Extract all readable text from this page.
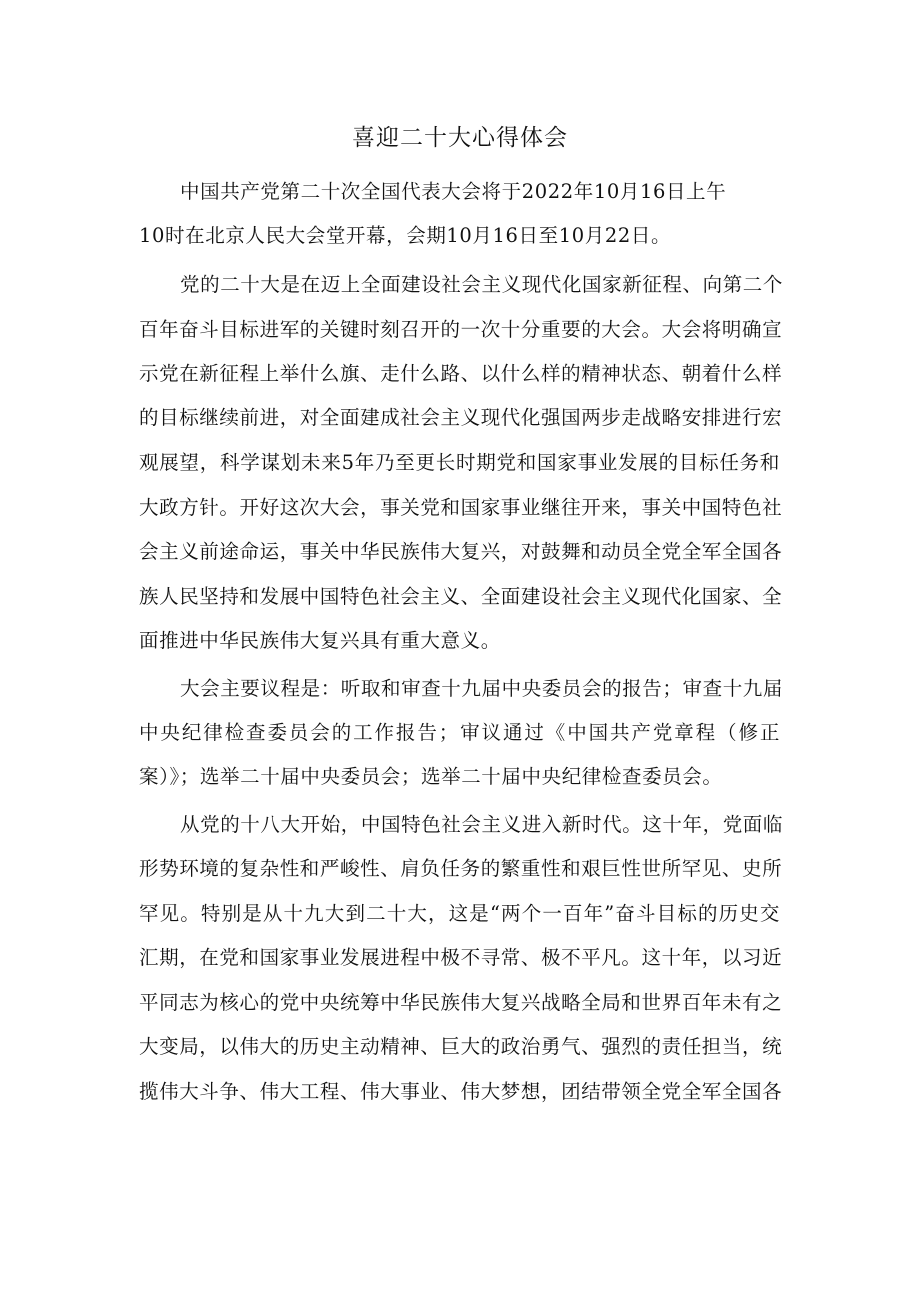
喜迎二十大心得体会
中国共产党第二十次全国代表大会将于2022年10月16日上午
10时在北京人民大会堂开幕，会期10月16日至10月22日。
党的二十大是在迈上全面建设社会主义现代化国家新征程、向第二个
百年奋斗目标进军的关键时刻召开的一次十分重要的大会。大会将明确宣
示党在新征程上举什么旗、走什么路、以什么样的精神状态、朝着什么样
的目标继续前进，对全面建成社会主义现代化强国两步走战略安排进行宏
观展望，科学谋划未来5年乃至更长时期党和国家事业发展的目标任务和
大政方针。开好这次大会，事关党和国家事业继往开来，事关中国特色社
会主义前途命运，事关中华民族伟大复兴，对鼓舞和动员全党全军全国各
族人民坚持和发展中国特色社会主义、全面建设社会主义现代化国家、全
面推进中华民族伟大复兴具有重大意义。
大会主要议程是：听取和审查十九届中央委员会的报告；审查十九届
中央纪律检查委员会的工作报告；审议通过《中国共产党章程（修正
案）》；选举二十届中央委员会；选举二十届中央纪律检查委员会。
从党的十八大开始，中国特色社会主义进入新时代。这十年，党面临
形势环境的复杂性和严峻性、肩负任务的繁重性和艰巨性世所罕见、史所
罕见。特别是从十九大到二十大，这是“两个一百年”奋斗目标的历史交
汇期，在党和国家事业发展进程中极不寻常、极不平凡。这十年，以习近
平同志为核心的党中央统筹中华民族伟大复兴战略全局和世界百年未有之
大变局，以伟大的历史主动精神、巨大的政治勇气、强烈的责任担当，统
揽伟大斗争、伟大工程、伟大事业、伟大梦想，团结带领全党全军全国各
